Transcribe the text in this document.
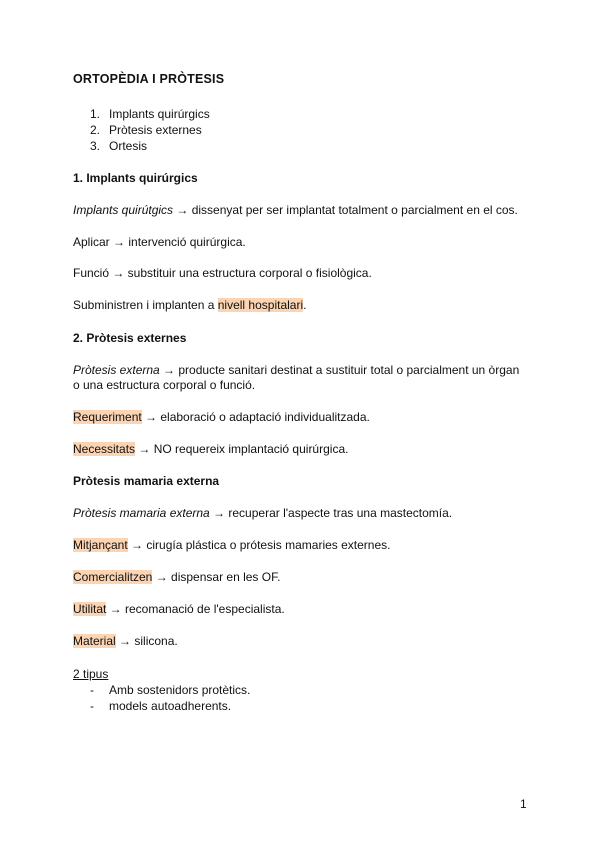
ORTOPÈDIA I PRÒTESIS
1. Implants quirúrgics
2. Pròtesis externes
3. Ortesis
1. Implants quirúrgics
Implants quirútgics → dissenyat per ser implantat totalment o parcialment en el cos.
Aplicar → intervenció quirúrgica.
Funció → substituir una estructura corporal o fisiològica.
Subministren i implanten a nivell hospitalari.
2. Pròtesis externes
Pròtesis externa → producte sanitari destinat a sustituir total o parcialment un òrgan
o una estructura corporal o funció.
Requeriment → elaboració o adaptació individualitzada.
Necessitats → NO requereix implantació quirúrgica.
Pròtesis mamaria externa
Pròtesis mamaria externa → recuperar l'aspecte tras una mastectomía.
Mitjançant → cirugía plástica o prótesis mamaries externes.
Comercialitzen → dispensar en les OF.
Utilitat → recomanació de l'especialista.
Material → silicona.
2 tipus
- Amb sostenidors protètics.
- models autoadherents.
1
